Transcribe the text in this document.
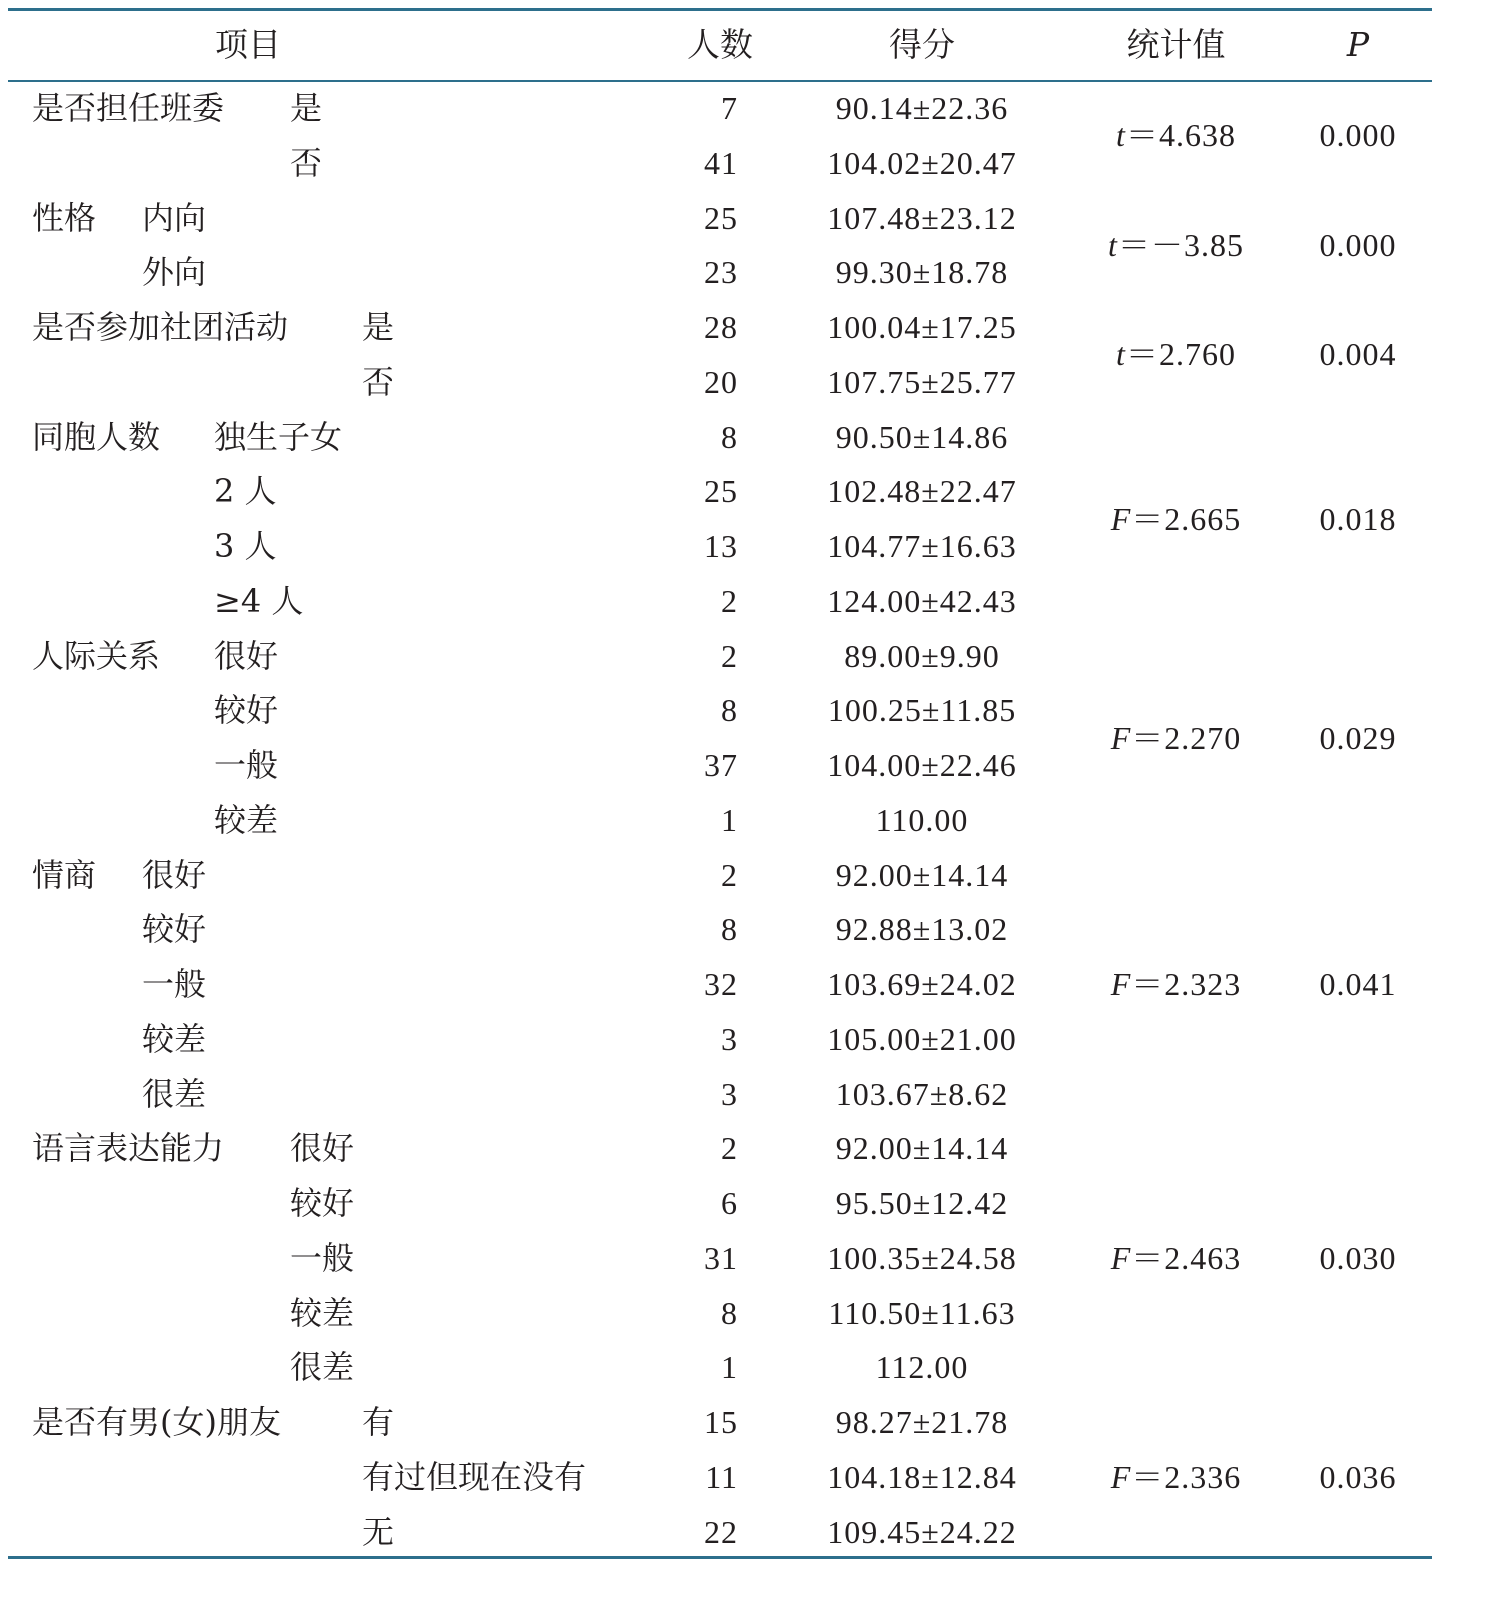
项目	人数	得分	统计值	P
是否担任班委 是	7	90.14±22.36
否	41	104.02±20.47
t＝4.638	0.000
性格 内向	25	107.48±23.12
外向	23	99.30±18.78
t＝－3.85 0.000
是否参加社团活动 是	28	100.04±17.25
否	20	107.75±25.77
t＝2.760	0.004
同胞人数 独生子女	8	90.50±14.86
2 人	25	102.48±22.47
3 人	13	104.77±16.63
≥4 人	2	124.00±42.43
F＝2.665 0.018
人际关系 很好	2	89.00±9.90
较好	8	100.25±11.85
一般	37	104.00±22.46
较差	1	110.00
F＝2.270 0.029
情商 很好	2	92.00±14.14
较好	8	92.88±13.02
一般	32	103.69±24.02
较差	3	105.00±21.00
很差	3	103.67±8.62
F＝2.323 0.041
语言表达能力 很好	2	92.00±14.14
较好	6	95.50±12.42
一般	31	100.35±24.58
较差	8	110.50±11.63
很差	1	112.00
F＝2.463 0.030
是否有男(女)朋友	有	15	98.27±21.78
有过但现在没有	11	104.18±12.84
无	22	109.45±24.22
F＝2.336 0.036
